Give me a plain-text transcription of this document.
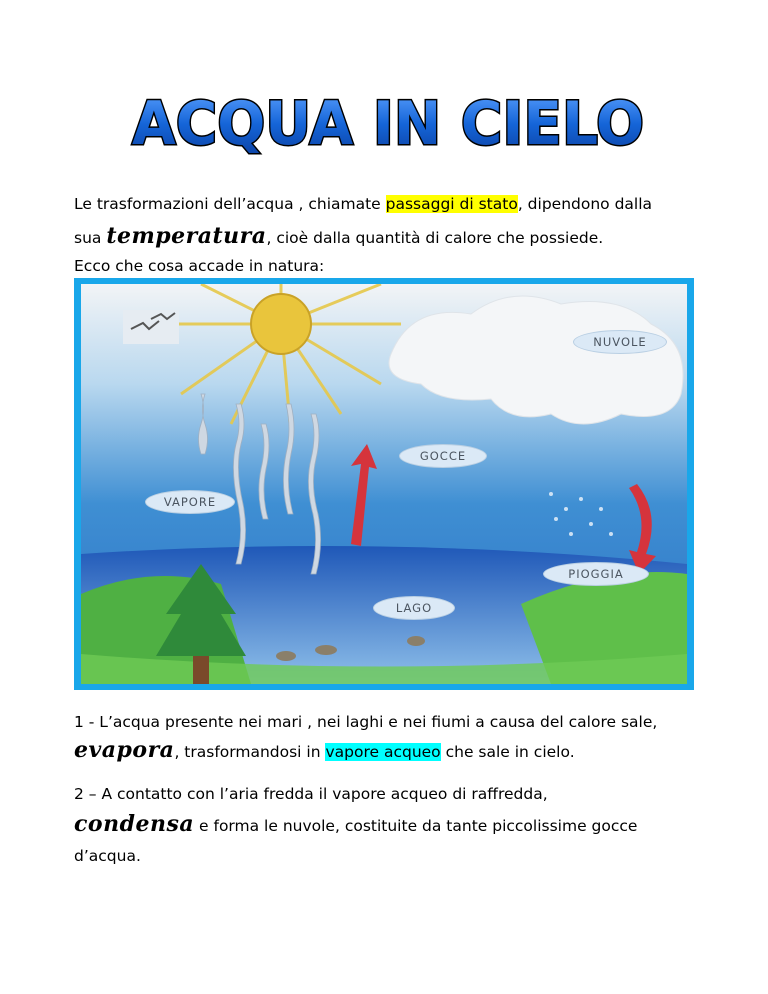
ACQUA IN CIELO
Le trasformazioni dell’acqua , chiamate passaggi di stato, dipendono dalla
sua temperatura, cioè dalla quantità di calore che possiede.
Ecco che cosa accade in natura:
NUVOLE
GOCCE
VAPORE
PIOGGIA
LAGO
1 - L’acqua presente nei mari , nei laghi e nei fiumi a causa del calore sale,
evapora, trasformandosi in vapore acqueo che sale in cielo.
2 – A contatto con l’aria fredda il vapore acqueo di raffredda,
condensa e forma le nuvole, costituite da tante piccolissime gocce
d’acqua.
